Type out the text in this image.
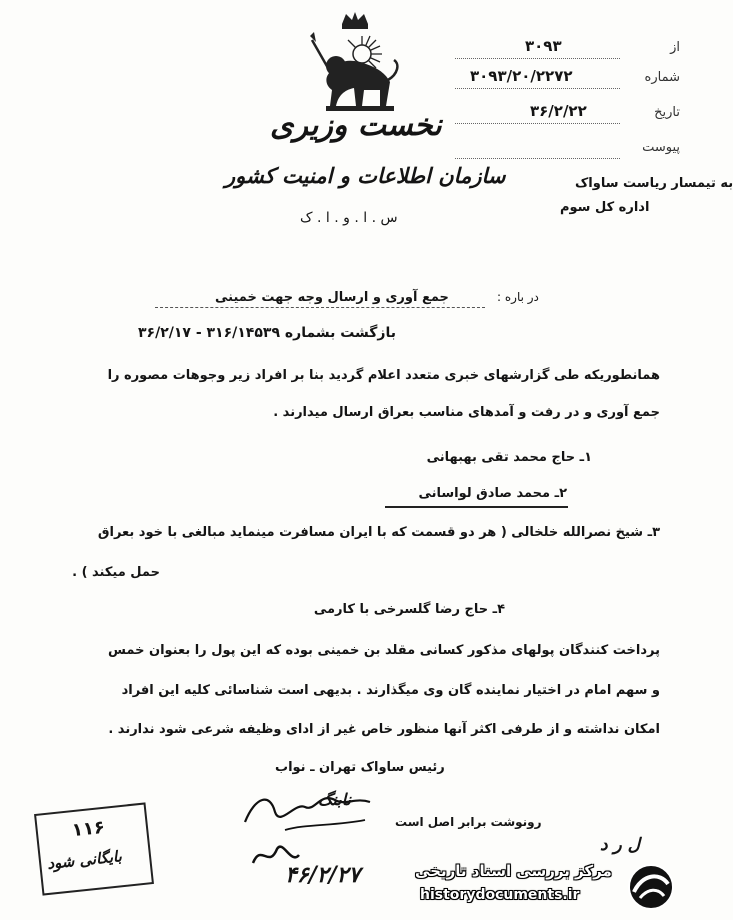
نخست وزیری
سازمان اطلاعات و امنیت کشور
س . ا . و . ا . ک
از
۳۰۹۳
شماره
۳۰۹۳/۲۰/۲۲۷۲
تاریخ
۳۶/۲/۲۲
پیوست
به تیمسار ریاست ساواک
اداره کل سوم
در باره :
جمع آوری و ارسال وجه جهت خمینی
بازگشت بشماره ۳۱۶/۱۴۵۳۹ - ۳۶/۲/۱۷
همانطوریکه طی گزارشهای خبری متعدد اعلام گردید بنا بر افراد زیر وجوهات مصوره را
جمع آوری و در رفت و آمدهای مناسب بعراق ارسال میدارند .
۱ـ حاج محمد تقی بهبهانی
۲ـ محمد صادق لواسانی
۳ـ شیخ نصرالله خلخالی ( هر دو قسمت که با ایران مسافرت مینماید مبالغی با خود بعراق
حمل میکند ) .
۴ـ حاج رضا گلسرخی با کارمی
پرداخت کنندگان پولهای مذکور کسانی مقلد بن خمینی بوده که این پول را بعنوان خمس
و سهم امام در اختیار نماینده گان وی میگذارند . بدیهی است شناسائی کلیه این افراد
امکان نداشته و از طرفی اکثر آنها منظور خاص غیر از ادای وظیفه شرعی شود ندارند .
رئیس ساواک تهران ـ نواب
رونوشت برابر اصل است
نابنگ
۴۶/۲/۲۷
۱۱۶
بایگانی شود
ل ر د
مرکز بررسی اسناد تاریخی
historydocuments.ir
